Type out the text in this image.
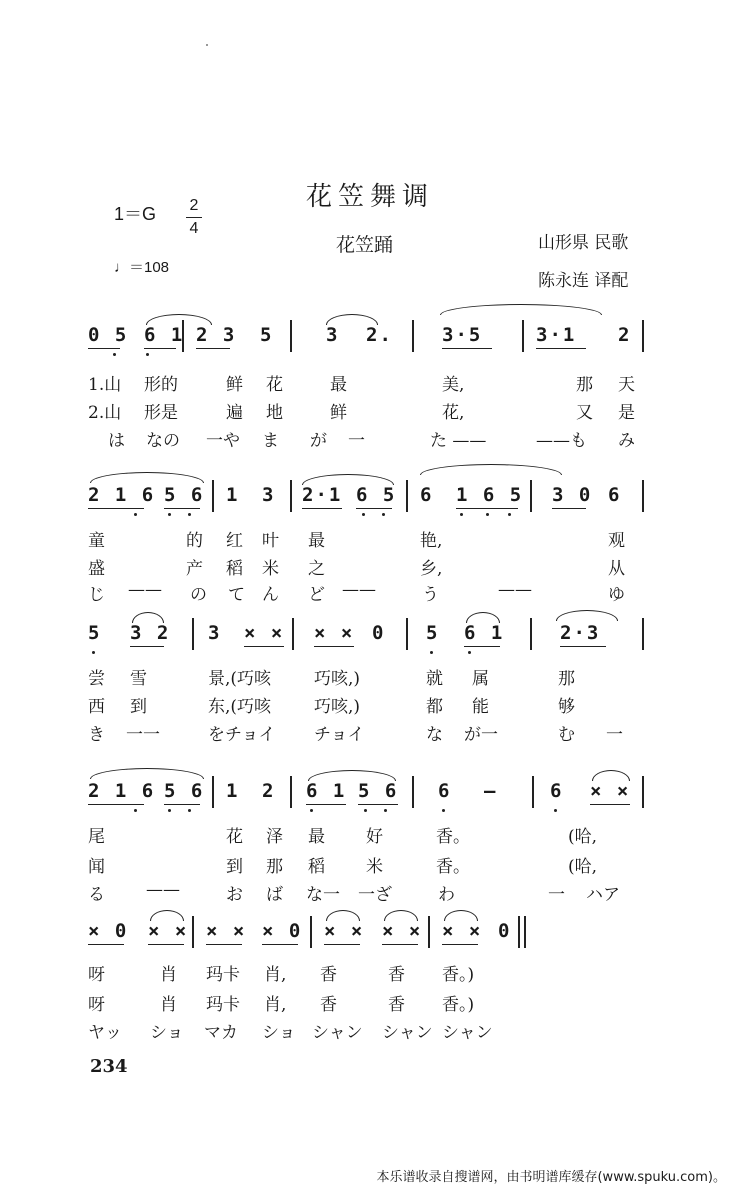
花笠舞调
花笠踊
1＝G 2
4
♩＝108
山形県 民歌
陈永连 译配
0 5 6 1 2 3 5	3 2.	3·5	3·1 2
1.山 形的	鲜 花	最	美,	那 天
2.山 形是	遍 地	鲜	花,	又 是
は なの 一や ま が 一	た ——	——も み
2 1 6 5 6 1 3 2·1 6 5 6 1 6 5 3 0 6
童	的 红 叶 最	艳,	观
盛	产 稻 米 之	乡,	从
じ —— の て ん ど ——	う	——	ゆ
5 3 2 3 × × × × 0 5 6 1	2·3
尝 雪	景,(巧咳	巧咳,)	就 属	那
西 到	东,(巧咳	巧咳,)	都 能	够
き 一一	をチョイ チョイ	な が一	む 一
2 1 6 5 6 1 2 6 1 5 6 6 —	6 × ×
尾	花 泽 最 好	香。	(哈,
闻	到 那 稻 米	香。	(哈,
る ——	お ば な一 一ざ	わ	一 ハア
× 0 × × × × × 0 × × × × × × 0
呀	肖 玛卡 肖, 香	香 香。)
呀	肖 玛卡 肖, 香	香 香。)
ヤッ ショ マカ ショ シャン シャン シャン
234
本乐谱收录自搜谱网，由书明谱库缓存(www.spuku.com)。
